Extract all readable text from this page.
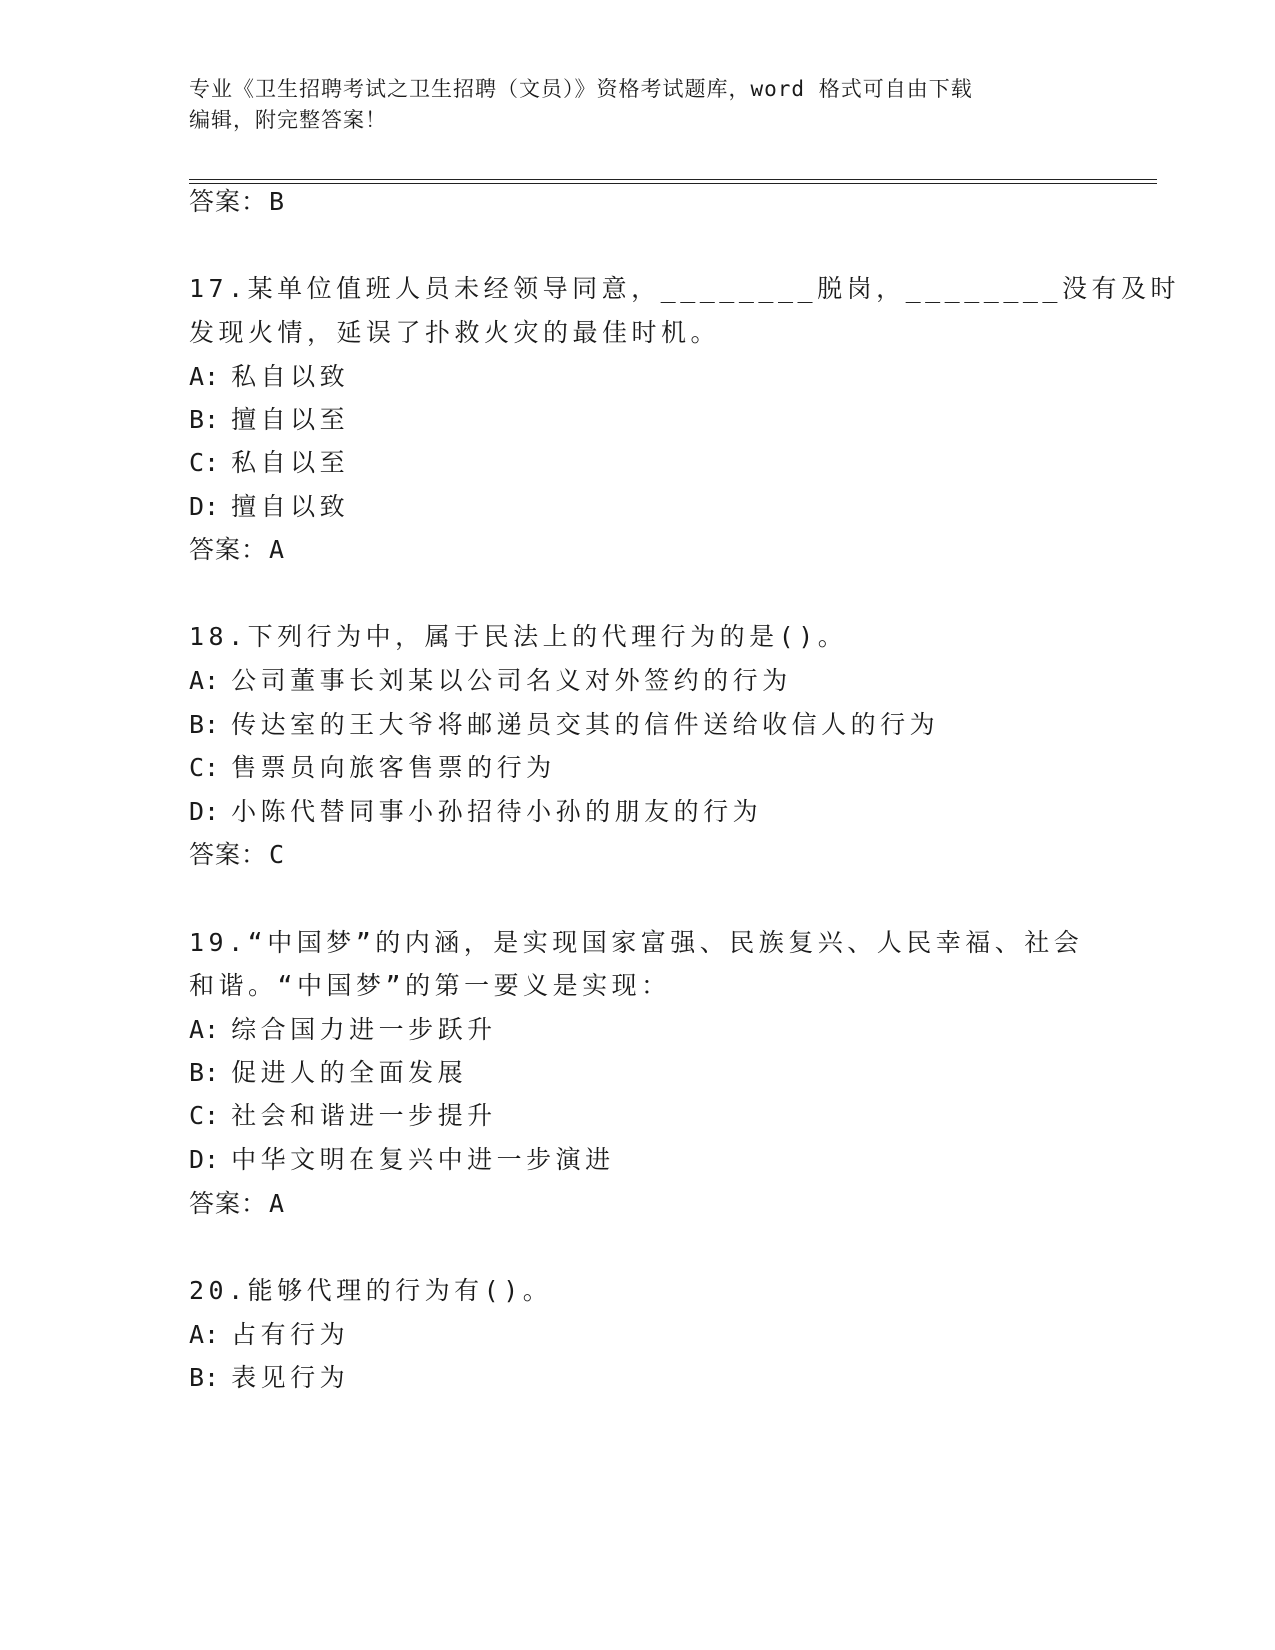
专业《卫生招聘考试之卫生招聘（文员）》资格考试题库，word 格式可自由下载
编辑，附完整答案！
答案：B
17.某单位值班人员未经领导同意，________脱岗，________没有及时
发现火情，延误了扑救火灾的最佳时机。
A: 私自以致
B: 擅自以至
C: 私自以至
D: 擅自以致
答案：A
18.下列行为中，属于民法上的代理行为的是()。
A: 公司董事长刘某以公司名义对外签约的行为
B: 传达室的王大爷将邮递员交其的信件送给收信人的行为
C: 售票员向旅客售票的行为
D: 小陈代替同事小孙招待小孙的朋友的行为
答案：C
19.“中国梦”的内涵，是实现国家富强、民族复兴、人民幸福、社会
和谐。“中国梦”的第一要义是实现：
A: 综合国力进一步跃升
B: 促进人的全面发展
C: 社会和谐进一步提升
D: 中华文明在复兴中进一步演进
答案：A
20.能够代理的行为有()。
A: 占有行为
B: 表见行为
